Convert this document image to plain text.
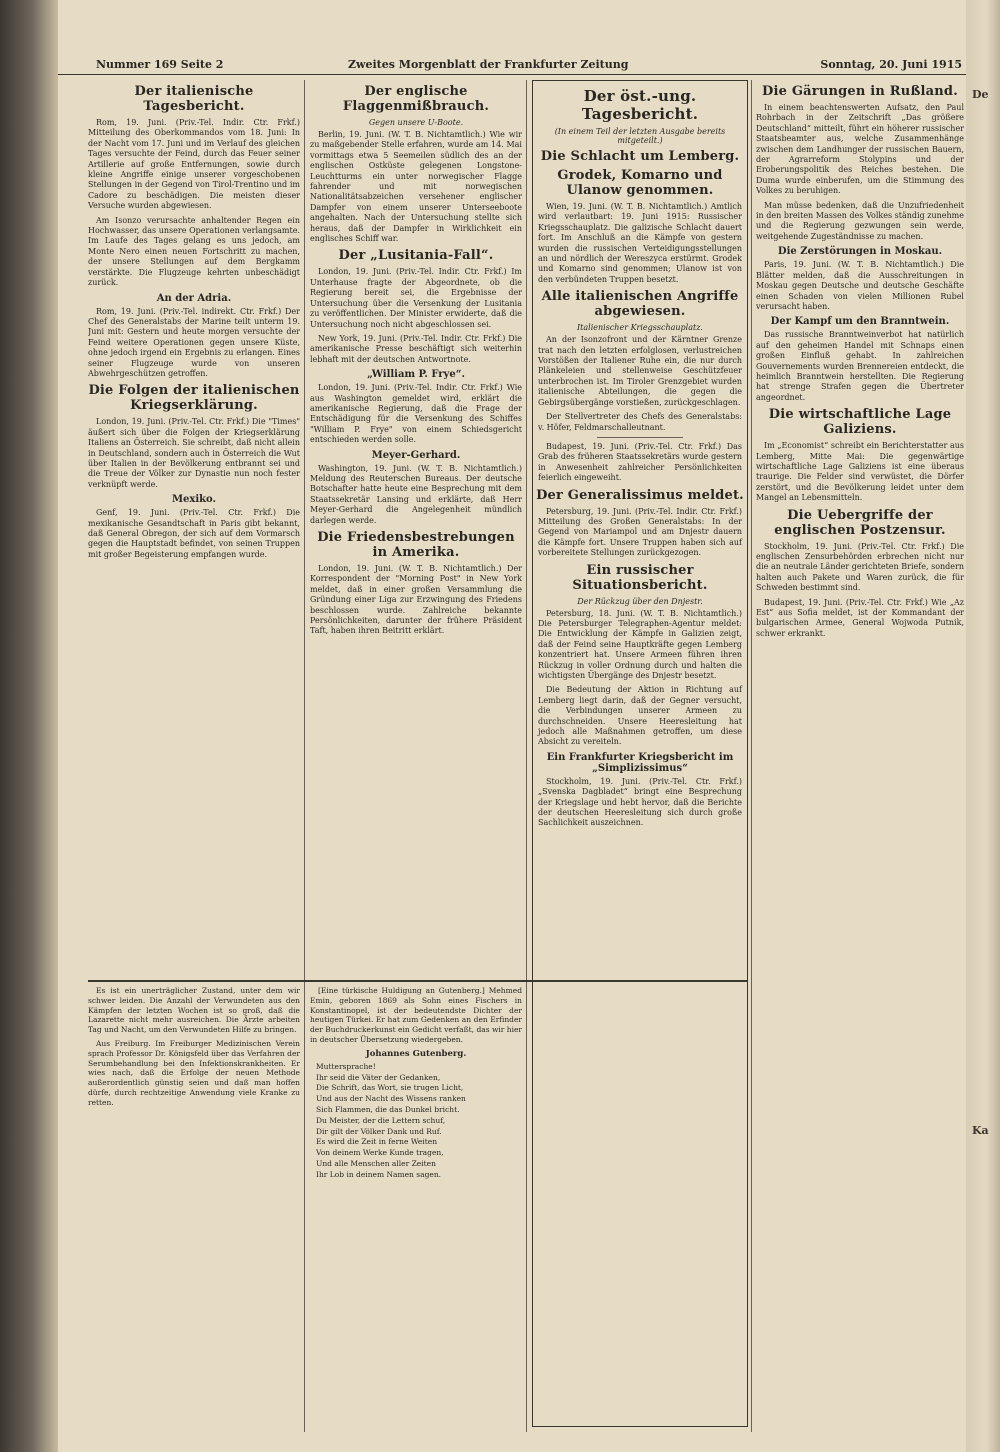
Nummer 169 Seite 2	Zweites Morgenblatt der Frankfurter Zeitung	Sonntag, 20. Juni 1915
Der italienische Tagesbericht.

Rom, 19. Juni. (Priv.-Tel. Indir. Ctr. Frkf.) Mitteilung des Oberkommandos vom 18. Juni: In der Nacht vom 17. Juni und im Verlauf des gleichen Tages versuchte der Feind, durch das Feuer seiner Artillerie auf große Entfernungen, sowie durch kleine Angriffe einige unserer vorgeschobenen Stellungen in der Gegend von Tirol-Trentino und im Cadore zu beschädigen. Die meisten dieser Versuche wurden abgewiesen.

Am Isonzo verursachte anhaltender Regen ein Hochwasser, das unsere Operationen verlangsamte. Im Laufe des Tages gelang es uns jedoch, am Monte Nero einen neuen Fortschritt zu machen, der unsere Stellungen auf dem Bergkamm verstärkte. Die Flugzeuge kehrten unbeschädigt zurück.

An der Adria.

Rom, 19. Juni. (Priv.-Tel. indirekt. Ctr. Frkf.) Der Chef des Generalstabs der Marine teilt unterm 19. Juni mit: Gestern und heute morgen versuchte der Feind weitere Operationen gegen unsere Küste, ohne jedoch irgend ein Ergebnis zu erlangen. Eines seiner Flugzeuge wurde von unseren Abwehrgeschützen getroffen.

Die Folgen der italienischen Kriegserklärung.

London, 19. Juni. (Priv.-Tel. Ctr. Frkf.) Die "Times" äußert sich über die Folgen der Kriegserklärung Italiens an Österreich. Sie schreibt, daß nicht allein in Deutschland, sondern auch in Österreich die Wut über Italien in der Bevölkerung entbrannt sei und die Treue der Völker zur Dynastie nun noch fester verknüpft werde.

Mexiko.

Genf, 19. Juni. (Priv.-Tel. Ctr. Frkf.) Die mexikanische Gesandtschaft in Paris gibt bekannt, daß General Obregon, der sich auf dem Vormarsch gegen die Hauptstadt befindet, von seinen Truppen mit großer Begeisterung empfangen wurde.

Der englische Flaggenmißbrauch.
Gegen unsere U-Boote.

Berlin, 19. Juni. (W. T. B. Nichtamtlich.) Wie wir zu maßgebender Stelle erfahren, wurde am 14. Mai vormittags etwa 5 Seemeilen südlich des an der englischen Ostküste gelegenen Longstone-Leuchtturms ein unter norwegischer Flagge fahrender und mit norwegischen Nationalitätsabzeichen versehener englischer Dampfer von einem unserer Unterseeboote angehalten. Nach der Untersuchung stellte sich heraus, daß der Dampfer in Wirklichkeit ein englisches Schiff war.

Der „Lusitania-Fall“.

London, 19. Juni. (Priv.-Tel. Indir. Ctr. Frkf.) Im Unterhause fragte der Abgeordnete, ob die Regierung bereit sei, die Ergebnisse der Untersuchung über die Versenkung der Lusitania zu veröffentlichen. Der Minister erwiderte, daß die Untersuchung noch nicht abgeschlossen sei.

New York, 19. Juni. (Priv.-Tel. Indir. Ctr. Frkf.) Die amerikanische Presse beschäftigt sich weiterhin lebhaft mit der deutschen Antwortnote.

„William P. Frye“.

London, 19. Juni. (Priv.-Tel. Indir. Ctr. Frkf.) Wie aus Washington gemeldet wird, erklärt die amerikanische Regierung, daß die Frage der Entschädigung für die Versenkung des Schiffes "William P. Frye" von einem Schiedsgericht entschieden werden solle.

Meyer-Gerhard.

Washington, 19. Juni. (W. T. B. Nichtamtlich.) Meldung des Reuterschen Bureaus. Der deutsche Botschafter hatte heute eine Besprechung mit dem Staatssekretär Lansing und erklärte, daß Herr Meyer-Gerhard die Angelegenheit mündlich darlegen werde.

Die Friedensbestrebungen in Amerika.

London, 19. Juni. (W. T. B. Nichtamtlich.) Der Korrespondent der "Morning Post" in New York meldet, daß in einer großen Versammlung die Gründung einer Liga zur Erzwingung des Friedens beschlossen wurde. Zahlreiche bekannte Persönlichkeiten, darunter der frühere Präsident Taft, haben ihren Beitritt erklärt.

Der öst.-ung. Tagesbericht.
(In einem Teil der letzten Ausgabe bereits mitgeteilt.)
Die Schlacht um Lemberg.
Grodek, Komarno und Ulanow genommen.

Wien, 19. Juni. (W. T. B. Nichtamtlich.) Amtlich wird verlautbart: 19. Juni 1915: Russischer Kriegsschauplatz. Die galizische Schlacht dauert fort. Im Anschluß an die Kämpfe von gestern wurden die russischen Verteidigungsstellungen an und nördlich der Wereszyca erstürmt. Grodek und Komarno sind genommen; Ulanow ist von den verbündeten Truppen besetzt.

Alle italienischen Angriffe abgewiesen.
Italienischer Kriegsschauplatz.

An der Isonzofront und der Kärntner Grenze trat nach den letzten erfolglosen, verlustreichen Vorstößen der Italiener Ruhe ein, die nur durch Plänkeleien und stellenweise Geschützfeuer unterbrochen ist. Im Tiroler Grenzgebiet wurden italienische Abteilungen, die gegen die Gebirgsübergänge vorstießen, zurückgeschlagen.

Der Stellvertreter des Chefs des Generalstabs: v. Höfer, Feldmarschalleutnant.

Budapest, 19. Juni. (Priv.-Tel. Ctr. Frkf.) Das Grab des früheren Staatssekretärs wurde gestern in Anwesenheit zahlreicher Persönlichkeiten feierlich eingeweiht.

Der Generalissimus meldet.

Petersburg, 19. Juni. (Priv.-Tel. Indir. Ctr. Frkf.) Mitteilung des Großen Generalstabs: In der Gegend von Mariampol und am Dnjestr dauern die Kämpfe fort. Unsere Truppen haben sich auf vorbereitete Stellungen zurückgezogen.

Ein russischer Situationsbericht.
Der Rückzug über den Dnjestr.

Petersburg, 18. Juni. (W. T. B. Nichtamtlich.) Die Petersburger Telegraphen-Agentur meldet: Die Entwicklung der Kämpfe in Galizien zeigt, daß der Feind seine Hauptkräfte gegen Lemberg konzentriert hat. Unsere Armeen führen ihren Rückzug in voller Ordnung durch und halten die wichtigsten Übergänge des Dnjestr besetzt.

Die Bedeutung der Aktion in Richtung auf Lemberg liegt darin, daß der Gegner versucht, die Verbindungen unserer Armeen zu durchschneiden. Unsere Heeresleitung hat jedoch alle Maßnahmen getroffen, um diese Absicht zu vereiteln.

Ein Frankfurter Kriegsbericht im „Simplizissimus“

Stockholm, 19. Juni. (Priv.-Tel. Ctr. Frkf.) „Svenska Dagbladet“ bringt eine Besprechung der Kriegslage und hebt hervor, daß die Berichte der deutschen Heeresleitung sich durch große Sachlichkeit auszeichnen.

Die Gärungen in Rußland.

In einem beachtenswerten Aufsatz, den Paul Rohrbach in der Zeitschrift „Das größere Deutschland“ mitteilt, führt ein höherer russischer Staatsbeamter aus, welche Zusammenhänge zwischen dem Landhunger der russischen Bauern, der Agrarreform Stolypins und der Eroberungspolitik des Reiches bestehen. Die Duma wurde einberufen, um die Stimmung des Volkes zu beruhigen.

Man müsse bedenken, daß die Unzufriedenheit in den breiten Massen des Volkes ständig zunehme und die Regierung gezwungen sein werde, weitgehende Zugeständnisse zu machen.

Die Zerstörungen in Moskau.

Paris, 19. Juni. (W. T. B. Nichtamtlich.) Die Blätter melden, daß die Ausschreitungen in Moskau gegen Deutsche und deutsche Geschäfte einen Schaden von vielen Millionen Rubel verursacht haben.

Der Kampf um den Branntwein.

Das russische Branntweinverbot hat natürlich auf den geheimen Handel mit Schnaps einen großen Einfluß gehabt. In zahlreichen Gouvernements wurden Brennereien entdeckt, die heimlich Branntwein herstellten. Die Regierung hat strenge Strafen gegen die Übertreter angeordnet.

Die wirtschaftliche Lage Galiziens.

Im „Economist“ schreibt ein Berichterstatter aus Lemberg, Mitte Mai: Die gegenwärtige wirtschaftliche Lage Galiziens ist eine überaus traurige. Die Felder sind verwüstet, die Dörfer zerstört, und die Bevölkerung leidet unter dem Mangel an Lebensmitteln.

Die Uebergriffe der englischen Postzensur.

Stockholm, 19. Juni. (Priv.-Tel. Ctr. Frkf.) Die englischen Zensurbehörden erbrechen nicht nur die an neutrale Länder gerichteten Briefe, sondern halten auch Pakete und Waren zurück, die für Schweden bestimmt sind.

Budapest, 19. Juni. (Priv.-Tel. Ctr. Frkf.) Wie „Az Est“ aus Sofia meldet, ist der Kommandant der bulgarischen Armee, General Wojwoda Putnik, schwer erkrankt.

Es ist ein unerträglicher Zustand, unter dem wir schwer leiden. Die Anzahl der Verwundeten aus den Kämpfen der letzten Wochen ist so groß, daß die Lazarette nicht mehr ausreichen. Die Ärzte arbeiten Tag und Nacht, um den Verwundeten Hilfe zu bringen.

Aus Freiburg. Im Freiburger Medizinischen Verein sprach Professor Dr. Königsfeld über das Verfahren der Serumbehandlung bei den Infektionskrankheiten. Er wies nach, daß die Erfolge der neuen Methode außerordentlich günstig seien und daß man hoffen dürfe, durch rechtzeitige Anwendung viele Kranke zu retten.

[Eine türkische Huldigung an Gutenberg.] Mehmed Emin, geboren 1869 als Sohn eines Fischers in Konstantinopel, ist der bedeutendste Dichter der heutigen Türkei. Er hat zum Gedenken an den Erfinder der Buchdruckerkunst ein Gedicht verfaßt, das wir hier in deutscher Übersetzung wiedergeben.

Johannes Gutenberg.

Muttersprache!

Ihr seid die Väter der Gedanken,

Die Schrift, das Wort, sie trugen Licht,

Und aus der Nacht des Wissens ranken

Sich Flammen, die das Dunkel bricht.

Du Meister, der die Lettern schuf,

Dir gilt der Völker Dank und Ruf.

Es wird die Zeit in ferne Weiten

Von deinem Werke Kunde tragen,

Und alle Menschen aller Zeiten

Ihr Lob in deinem Namen sagen.

De
Ka
